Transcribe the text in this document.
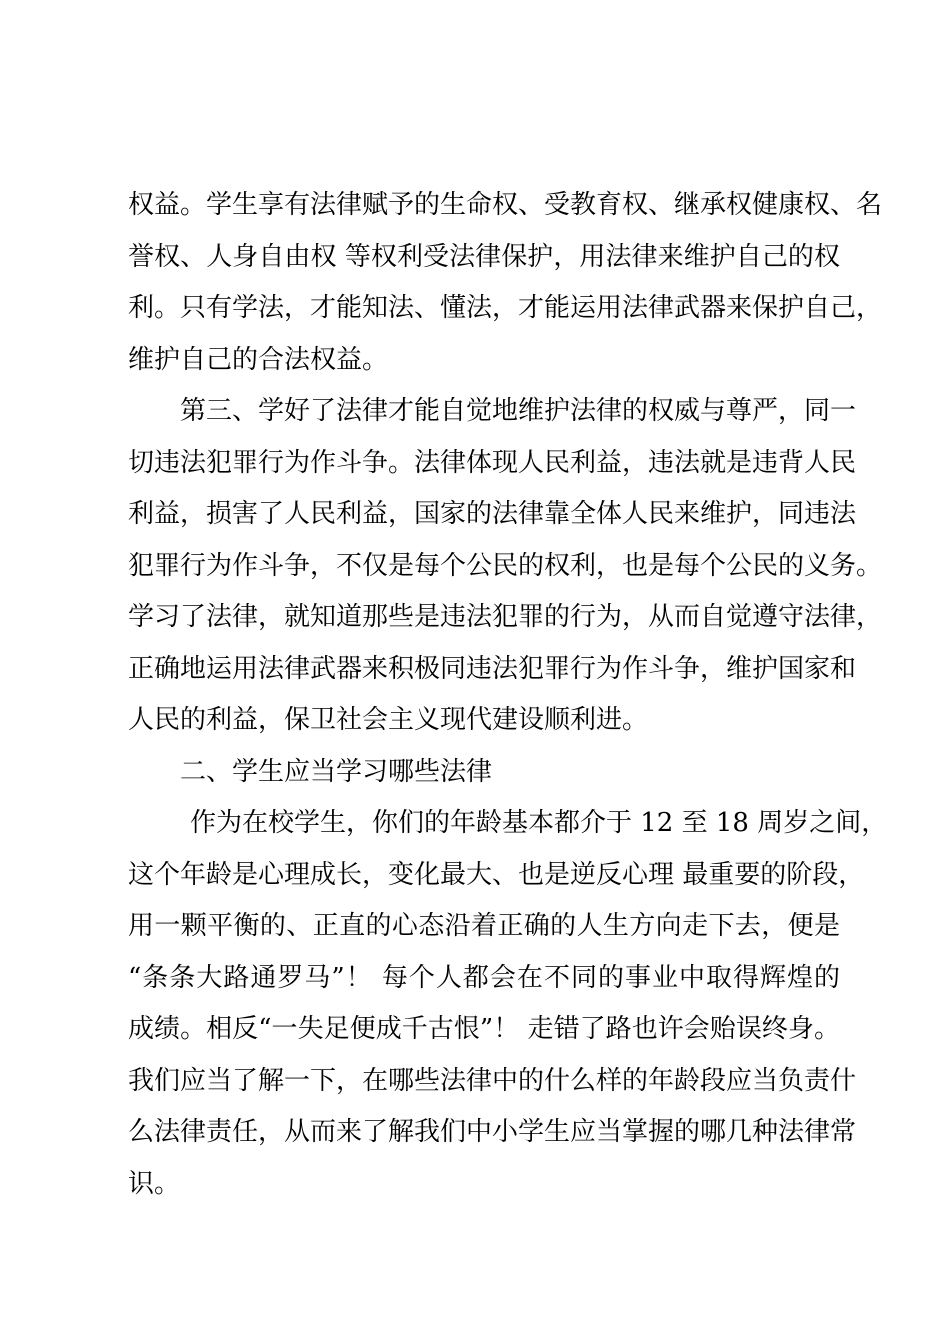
权益。学生享有法律赋予的生命权、受教育权、继承权健康权、名
誉权、人身自由权 等权利受法律保护，用法律来维护自己的权
利。只有学法，才能知法、懂法，才能运用法律武器来保护自己，
维护自己的合法权益。
第三、学好了法律才能自觉地维护法律的权威与尊严，同一
切违法犯罪行为作斗争。法律体现人民利益，违法就是违背人民
利益，损害了人民利益，国家的法律靠全体人民来维护，同违法
犯罪行为作斗争，不仅是每个公民的权利，也是每个公民的义务。
学习了法律，就知道那些是违法犯罪的行为，从而自觉遵守法律，
正确地运用法律武器来积极同违法犯罪行为作斗争，维护国家和
人民的利益，保卫社会主义现代建设顺利进。
二、学生应当学习哪些法律
作为在校学生，你们的年龄基本都介于 12 至 18 周岁之间，
这个年龄是心理成长，变化最大、也是逆反心理 最重要的阶段，
用一颗平衡的、正直的心态沿着正确的人生方向走下去，便是
“条条大路通罗马”！ 每个人都会在不同的事业中取得辉煌的
成绩。相反“一失足便成千古恨”！ 走错了路也许会贻误终身。
我们应当了解一下，在哪些法律中的什么样的年龄段应当负责什
么法律责任，从而来了解我们中小学生应当掌握的哪几种法律常
识。
